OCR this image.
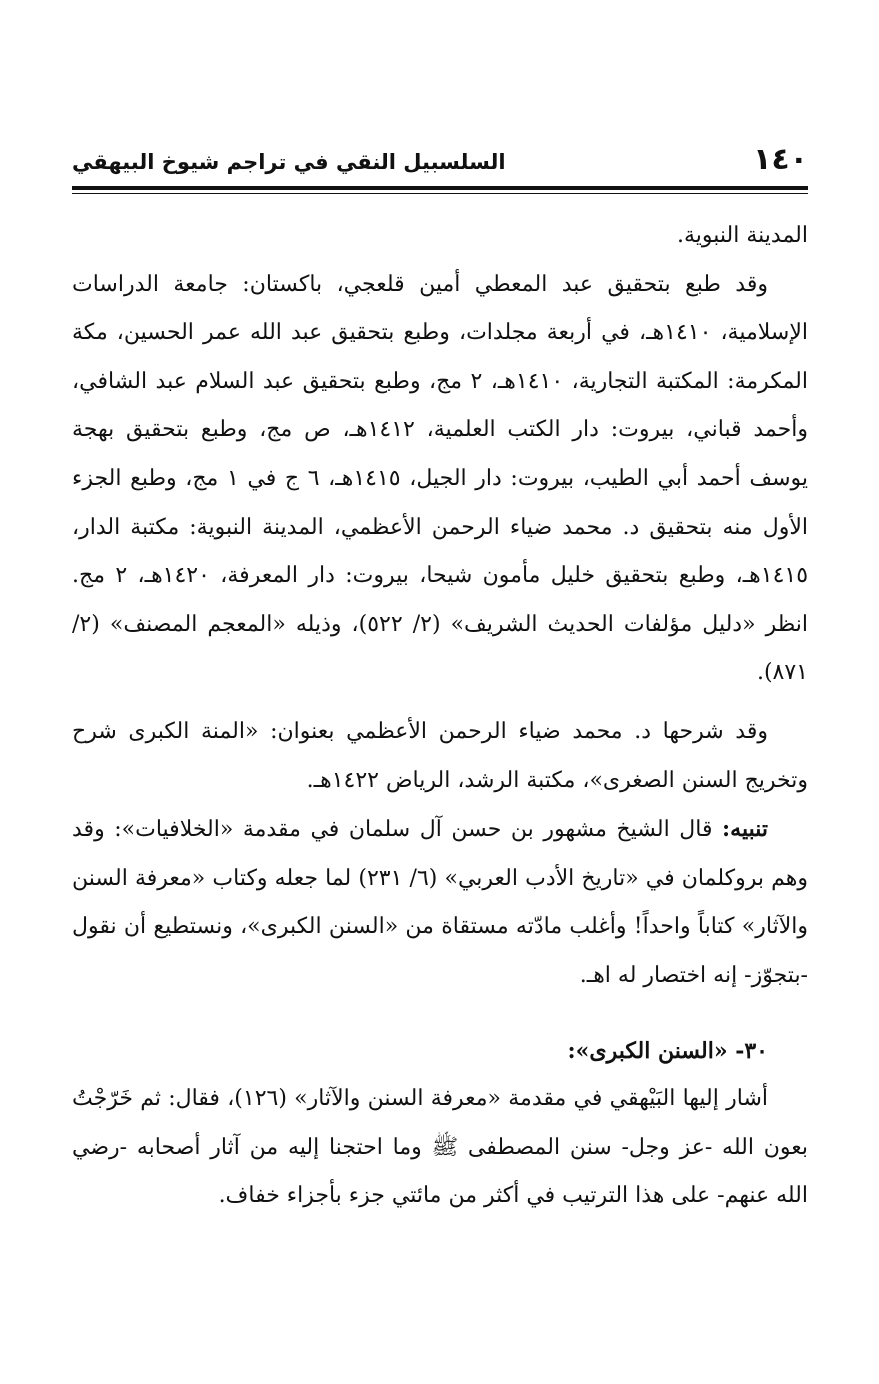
١٤٠
السلسبيل النقي في تراجم شيوخ البيهقي

المدينة النبوية.

وقد طبع بتحقيق عبد المعطي أمين قلعجي، باكستان: جامعة الدراسات الإسلامية، ١٤١٠هـ، في أربعة مجلدات، وطبع بتحقيق عبد الله عمر الحسين، مكة المكرمة: المكتبة التجارية، ١٤١٠هـ، ٢ مج، وطبع بتحقيق عبد السلام عبد الشافي، وأحمد قباني، بيروت: دار الكتب العلمية، ١٤١٢هـ، ص مج، وطبع بتحقيق بهجة يوسف أحمد أبي الطيب، بيروت: دار الجيل، ١٤١٥هـ، ٦ ج في ١ مج، وطبع الجزء الأول منه بتحقيق د. محمد ضياء الرحمن الأعظمي، المدينة النبوية: مكتبة الدار، ١٤١٥هـ، وطبع بتحقيق خليل مأمون شيحا، بيروت: دار المعرفة، ١٤٢٠هـ، ٢ مج. انظر «دليل مؤلفات الحديث الشريف» (٢/ ٥٢٢)، وذيله «المعجم المصنف» (٢/ ٨٧١).

وقد شرحها د. محمد ضياء الرحمن الأعظمي بعنوان: «المنة الكبرى شرح وتخريج السنن الصغرى»، مكتبة الرشد، الرياض ١٤٢٢هـ.

تنبيه: قال الشيخ مشهور بن حسن آل سلمان في مقدمة «الخلافيات»: وقد وهم بروكلمان في «تاريخ الأدب العربي» (٦/ ٢٣١) لما جعله وكتاب «معرفة السنن والآثار» كتاباً واحداً! وأغلب مادّته مستقاة من «السنن الكبرى»، ونستطيع أن نقول -بتجوّز- إنه اختصار له اهـ.

٣٠- «السنن الكبرى»:

أشار إليها البَيْهقي في مقدمة «معرفة السنن والآثار» (١٢٦)، فقال: ثم خَرّجْتُ بعون الله -عز وجل- سنن المصطفى ﷺ وما احتجنا إليه من آثار أصحابه -رضي الله عنهم- على هذا الترتيب في أكثر من مائتي جزء بأجزاء خفاف.
